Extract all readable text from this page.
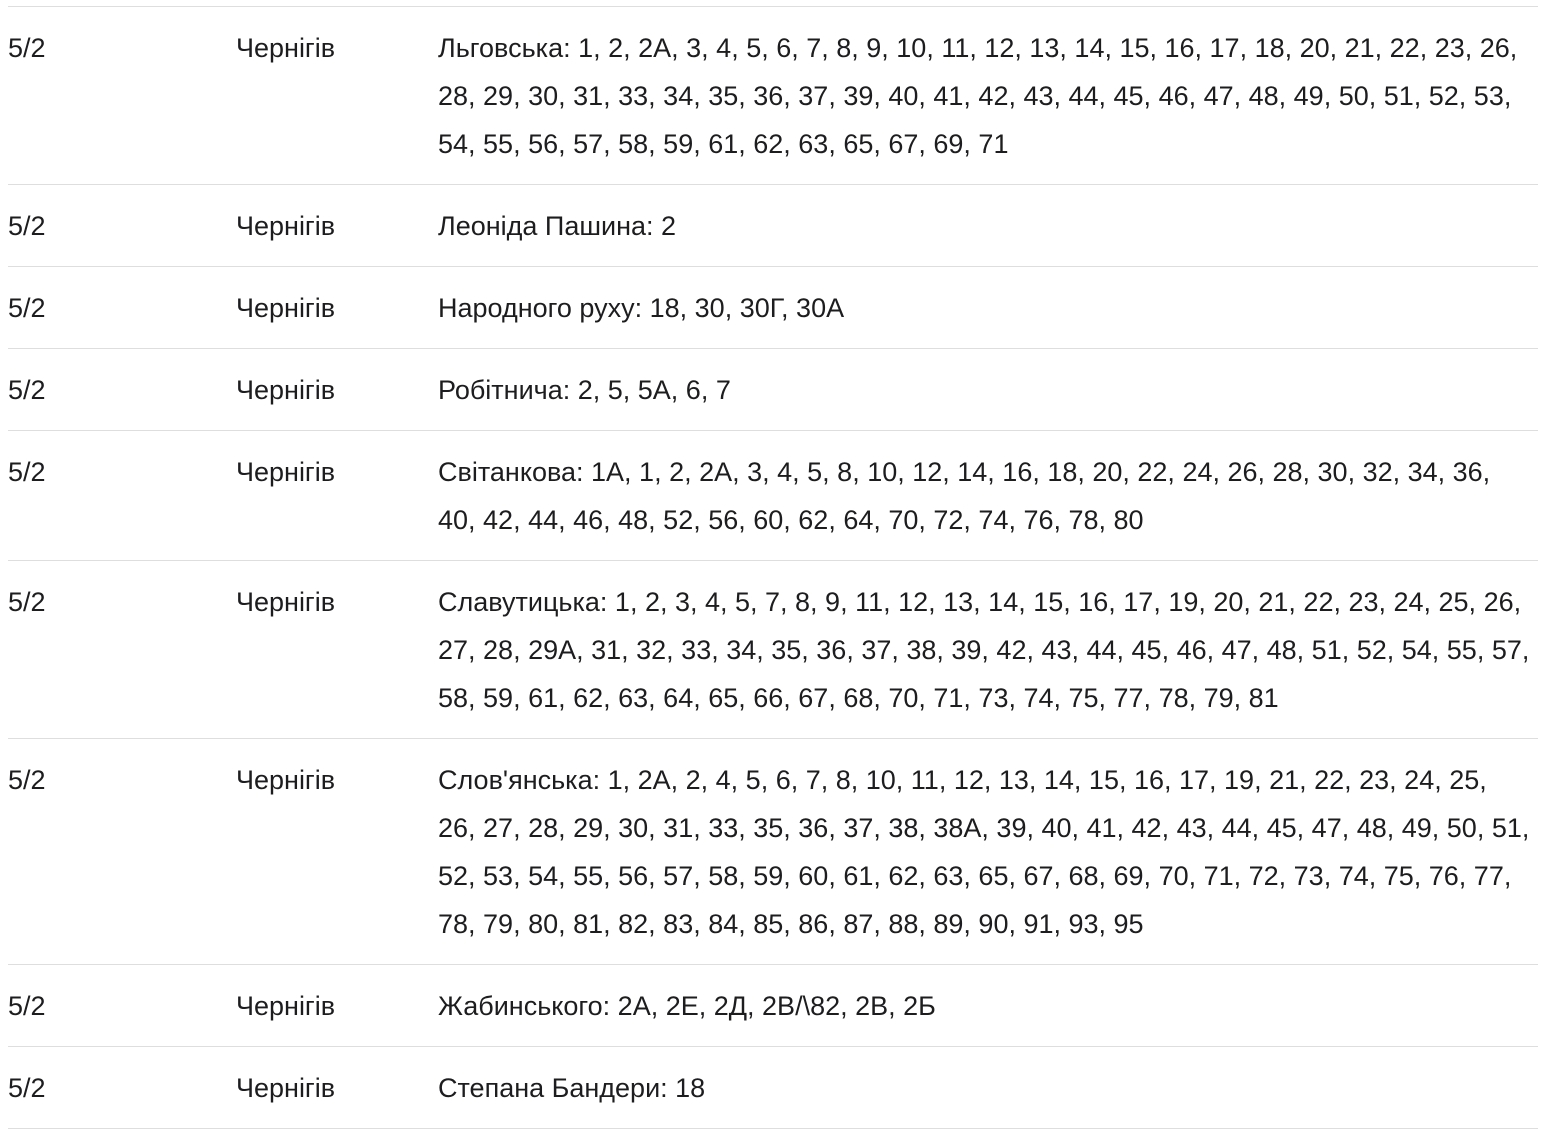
5/2	Чернігів	Льговська: 1, 2, 2А, 3, 4, 5, 6, 7, 8, 9, 10, 11, 12, 13, 14, 15, 16, 17, 18, 20, 21, 22, 23, 26, 28, 29, 30, 31, 33, 34, 35, 36, 37, 39, 40, 41, 42, 43, 44, 45, 46, 47, 48, 49, 50, 51, 52, 53, 54, 55, 56, 57, 58, 59, 61, 62, 63, 65, 67, 69, 71
5/2	Чернігів	Леоніда Пашина: 2
5/2	Чернігів	Народного руху: 18, 30, 30Г, 30А
5/2	Чернігів	Робітнича: 2, 5, 5А, 6, 7
5/2	Чернігів	Світанкова: 1А, 1, 2, 2А, 3, 4, 5, 8, 10, 12, 14, 16, 18, 20, 22, 24, 26, 28, 30, 32, 34, 36, 40, 42, 44, 46, 48, 52, 56, 60, 62, 64, 70, 72, 74, 76, 78, 80
5/2	Чернігів	Славутицька: 1, 2, 3, 4, 5, 7, 8, 9, 11, 12, 13, 14, 15, 16, 17, 19, 20, 21, 22, 23, 24, 25, 26, 27, 28, 29А, 31, 32, 33, 34, 35, 36, 37, 38, 39, 42, 43, 44, 45, 46, 47, 48, 51, 52, 54, 55, 57, 58, 59, 61, 62, 63, 64, 65, 66, 67, 68, 70, 71, 73, 74, 75, 77, 78, 79, 81
5/2	Чернігів	Слов'янська: 1, 2А, 2, 4, 5, 6, 7, 8, 10, 11, 12, 13, 14, 15, 16, 17, 19, 21, 22, 23, 24, 25, 26, 27, 28, 29, 30, 31, 33, 35, 36, 37, 38, 38А, 39, 40, 41, 42, 43, 44, 45, 47, 48, 49, 50, 51, 52, 53, 54, 55, 56, 57, 58, 59, 60, 61, 62, 63, 65, 67, 68, 69, 70, 71, 72, 73, 74, 75, 76, 77, 78, 79, 80, 81, 82, 83, 84, 85, 86, 87, 88, 89, 90, 91, 93, 95
5/2	Чернігів	Жабинського: 2А, 2Е, 2Д, 2В/\82, 2В, 2Б
5/2	Чернігів	Степана Бандери: 18
